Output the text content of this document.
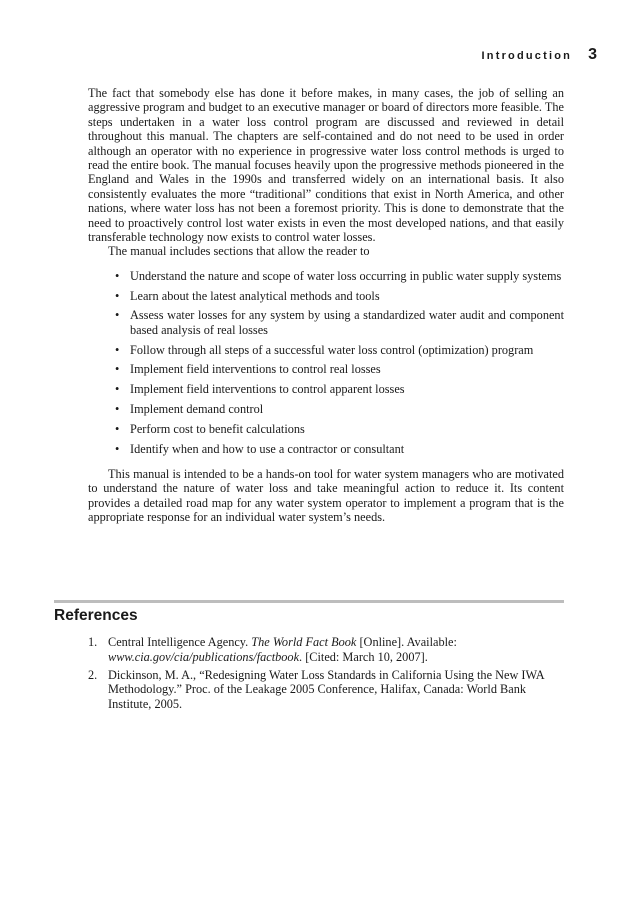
Introduction 3

The fact that somebody else has done it before makes, in many cases, the job of selling an aggressive program and budget to an executive manager or board of directors more feasible. The steps undertaken in a water loss control program are discussed and reviewed in detail throughout this manual. The chapters are self-contained and do not need to be used in order although an operator with no experience in progressive water loss control methods is urged to read the entire book. The manual focuses heavily upon the progressive methods pioneered in the England and Wales in the 1990s and transferred widely on an international basis. It also consistently evaluates the more “traditional” conditions that exist in North America, and other nations, where water loss has not been a foremost priority. This is done to demonstrate that the need to proactively control lost water exists in even the most developed nations, and that easily transferable technology now exists to control water losses.

The manual includes sections that allow the reader to

• Understand the nature and scope of water loss occurring in public water supply systems
• Learn about the latest analytical methods and tools
• Assess water losses for any system by using a standardized water audit and component based analysis of real losses
• Follow through all steps of a successful water loss control (optimization) program
• Implement field interventions to control real losses
• Implement field interventions to control apparent losses
• Implement demand control
• Perform cost to benefit calculations
• Identify when and how to use a contractor or consultant

This manual is intended to be a hands-on tool for water system managers who are motivated to understand the nature of water loss and take meaningful action to reduce it. Its content provides a detailed road map for any water system operator to implement a program that is the appropriate response for an individual water system’s needs.

References
1. Central Intelligence Agency. The World Fact Book [Online]. Available: www.cia.gov/cia/publications/factbook. [Cited: March 10, 2007].
2. Dickinson, M. A., “Redesigning Water Loss Standards in California Using the New IWA Methodology.” Proc. of the Leakage 2005 Conference, Halifax, Canada: World Bank Institute, 2005.
